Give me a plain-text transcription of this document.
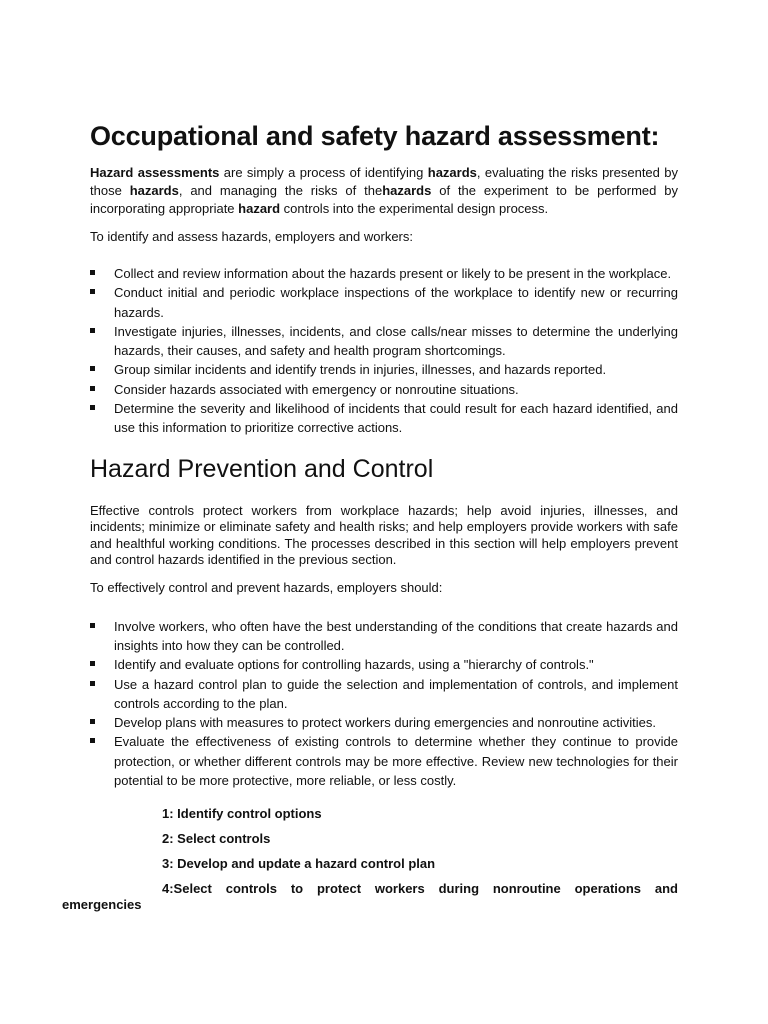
Occupational and safety hazard assessment:

Hazard assessments are simply a process of identifying hazards, evaluating the risks presented by those hazards, and managing the risks of thehazards of the experiment to be performed by incorporating appropriate hazard controls into the experimental design process.

To identify and assess hazards, employers and workers:

Collect and review information about the hazards present or likely to be present in the workplace.
Conduct initial and periodic workplace inspections of the workplace to identify new or recurring hazards.
Investigate injuries, illnesses, incidents, and close calls/near misses to determine the underlying hazards, their causes, and safety and health program shortcomings.
Group similar incidents and identify trends in injuries, illnesses, and hazards reported.
Consider hazards associated with emergency or nonroutine situations.
Determine the severity and likelihood of incidents that could result for each hazard identified, and use this information to prioritize corrective actions.
Hazard Prevention and Control

Effective controls protect workers from workplace hazards; help avoid injuries, illnesses, and incidents; minimize or eliminate safety and health risks; and help employers provide workers with safe and healthful working conditions. The processes described in this section will help employers prevent and control hazards identified in the previous section.

To effectively control and prevent hazards, employers should:

Involve workers, who often have the best understanding of the conditions that create hazards and insights into how they can be controlled.
Identify and evaluate options for controlling hazards, using a "hierarchy of controls."
Use a hazard control plan to guide the selection and implementation of controls, and implement controls according to the plan.
Develop plans with measures to protect workers during emergencies and nonroutine activities.
Evaluate the effectiveness of existing controls to determine whether they continue to provide protection, or whether different controls may be more effective. Review new technologies for their potential to be more protective, more reliable, or less costly.
1: Identify control options
2: Select controls
3: Develop and update a hazard control plan
4:Select controls to protect workers during nonroutine operations and
emergencies
